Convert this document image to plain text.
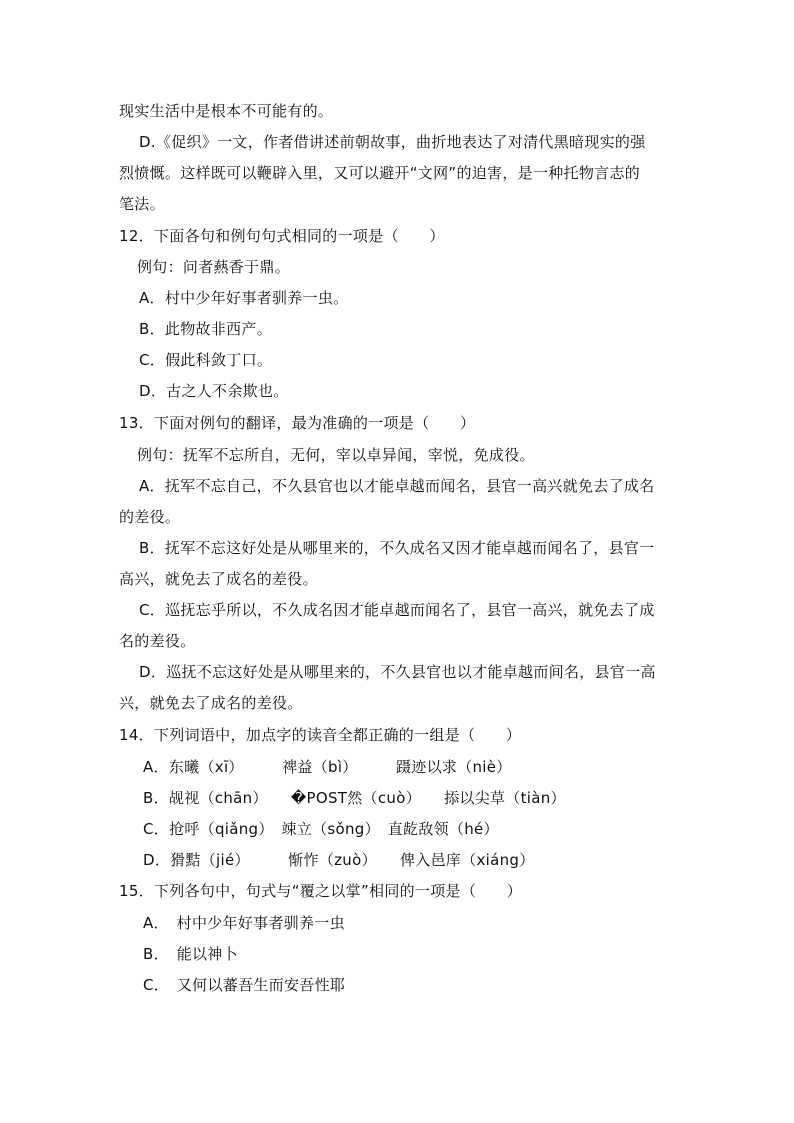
现实生活中是根本不可能有的。
D.《促织》一文，作者借讲述前朝故事，曲折地表达了对清代黑暗现实的强
烈愤慨。这样既可以鞭辟入里，又可以避开“文网”的迫害，是一种托物言志的
笔法。
12．下面各句和例句句式相同的一项是（　　）
例句：问者爇香于鼎。
A．村中少年好事者驯养一虫。
B．此物故非西产。
C．假此科敛丁口。
D．古之人不余欺也。
13．下面对例句的翻译，最为准确的一项是（　　）
例句：抚军不忘所自，无何，宰以卓异闻，宰悦，免成役。
A．抚军不忘自己，不久县官也以才能卓越而闻名，县官一高兴就免去了成名
的差役。
B．抚军不忘这好处是从哪里来的，不久成名又因才能卓越而闻名了，县官一
高兴，就免去了成名的差役。
C．巡抚忘乎所以，不久成名因才能卓越而闻名了，县官一高兴，就免去了成
名的差役。
D．巡抚不忘这好处是从哪里来的，不久县官也以才能卓越而间名，县官一高
兴，就免去了成名的差役。
14．下列词语中，加点字的读音全都正确的一组是（　　）
A．东曦（xī）　　　禆益（bì）　　　蹑迹以求（niè）
B．觇视（chān）　　�POST然（cuò）　　掭以尖草（tiàn）
C．抢呼（qiǎng）　竦立（sǒng）　直龁敌领（hé）
D．猾黠（jié）　　　惭怍（zuò）　　俾入邑庠（xiáng）
15．下列各句中，句式与“覆之以掌”相同的一项是（　　）
A．　村中少年好事者驯养一虫
B．　能以神卜
C．　又何以蕃吾生而安吾性耶
